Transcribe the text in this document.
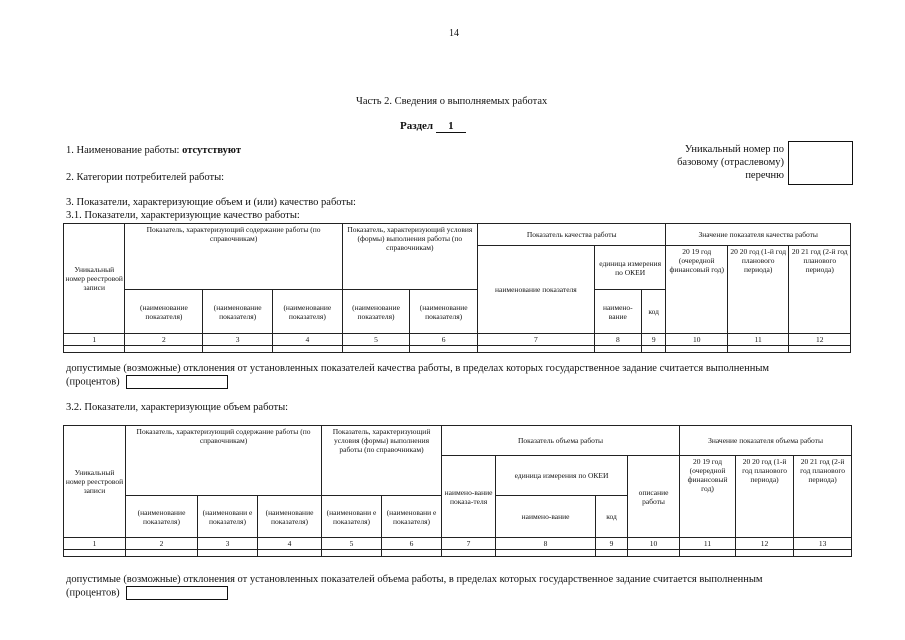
14
Часть 2. Сведения о выполняемых работах
Раздел 1
1. Наименование работы: отсутствуют	Уникальный номер по базовому (отраслевому) перечню
2. Категории потребителей работы:
3. Показатели, характеризующие объем и (или) качество работы:
3.1. Показатели, характеризующие качество работы:
Уникальный номер реестровой записи	Показатель, характеризующий содержание работы (по справочникам)			Показатель, характеризующий условия (формы) выполнения работы (по справочникам)		Показатель качества работы			Значение показателя качества работы		
						наименование показателя	единица измерения по ОКЕИ		20 19 год (очередной финансовый год)	20 20 год (1-й год планового периода)	20 21 год (2-й год планового периода)
	(наименование показателя)	(наименование показателя)	(наименование показателя)	(наименование показателя)	(наименование показателя)		наимено-вание	код			
1	2	3	4	5	6	7	8	9	10	11	12

допустимые (возможные) отклонения от установленных показателей качества работы, в пределах которых государственное задание считается выполненным (процентов)
3.2. Показатели, характеризующие объем работы:
Уникальный номер реестровой записи	Показатель, характеризующий содержание работы (по справочникам)			Показатель, характеризующий условия (формы) выполнения работы (по справочникам)		Показатель объема работы				Значение показателя объема работы		
						наимено-вание показа-теля	единица измерения по ОКЕИ		описание работы	20 19 год (очередной финансовый год)	20 20 год (1-й год планового периода)	20 21 год (2-й год планового периода)
	(наименование показателя)	(наименовани е показателя)	(наименование показателя)	(наименовани е показателя)	(наименовани е показателя)		наимено-вание	код				
1	2	3	4	5	6	7	8	9	10	11	12	13

допустимые (возможные) отклонения от установленных показателей объема работы, в пределах которых государственное задание считается выполненным (процентов)
